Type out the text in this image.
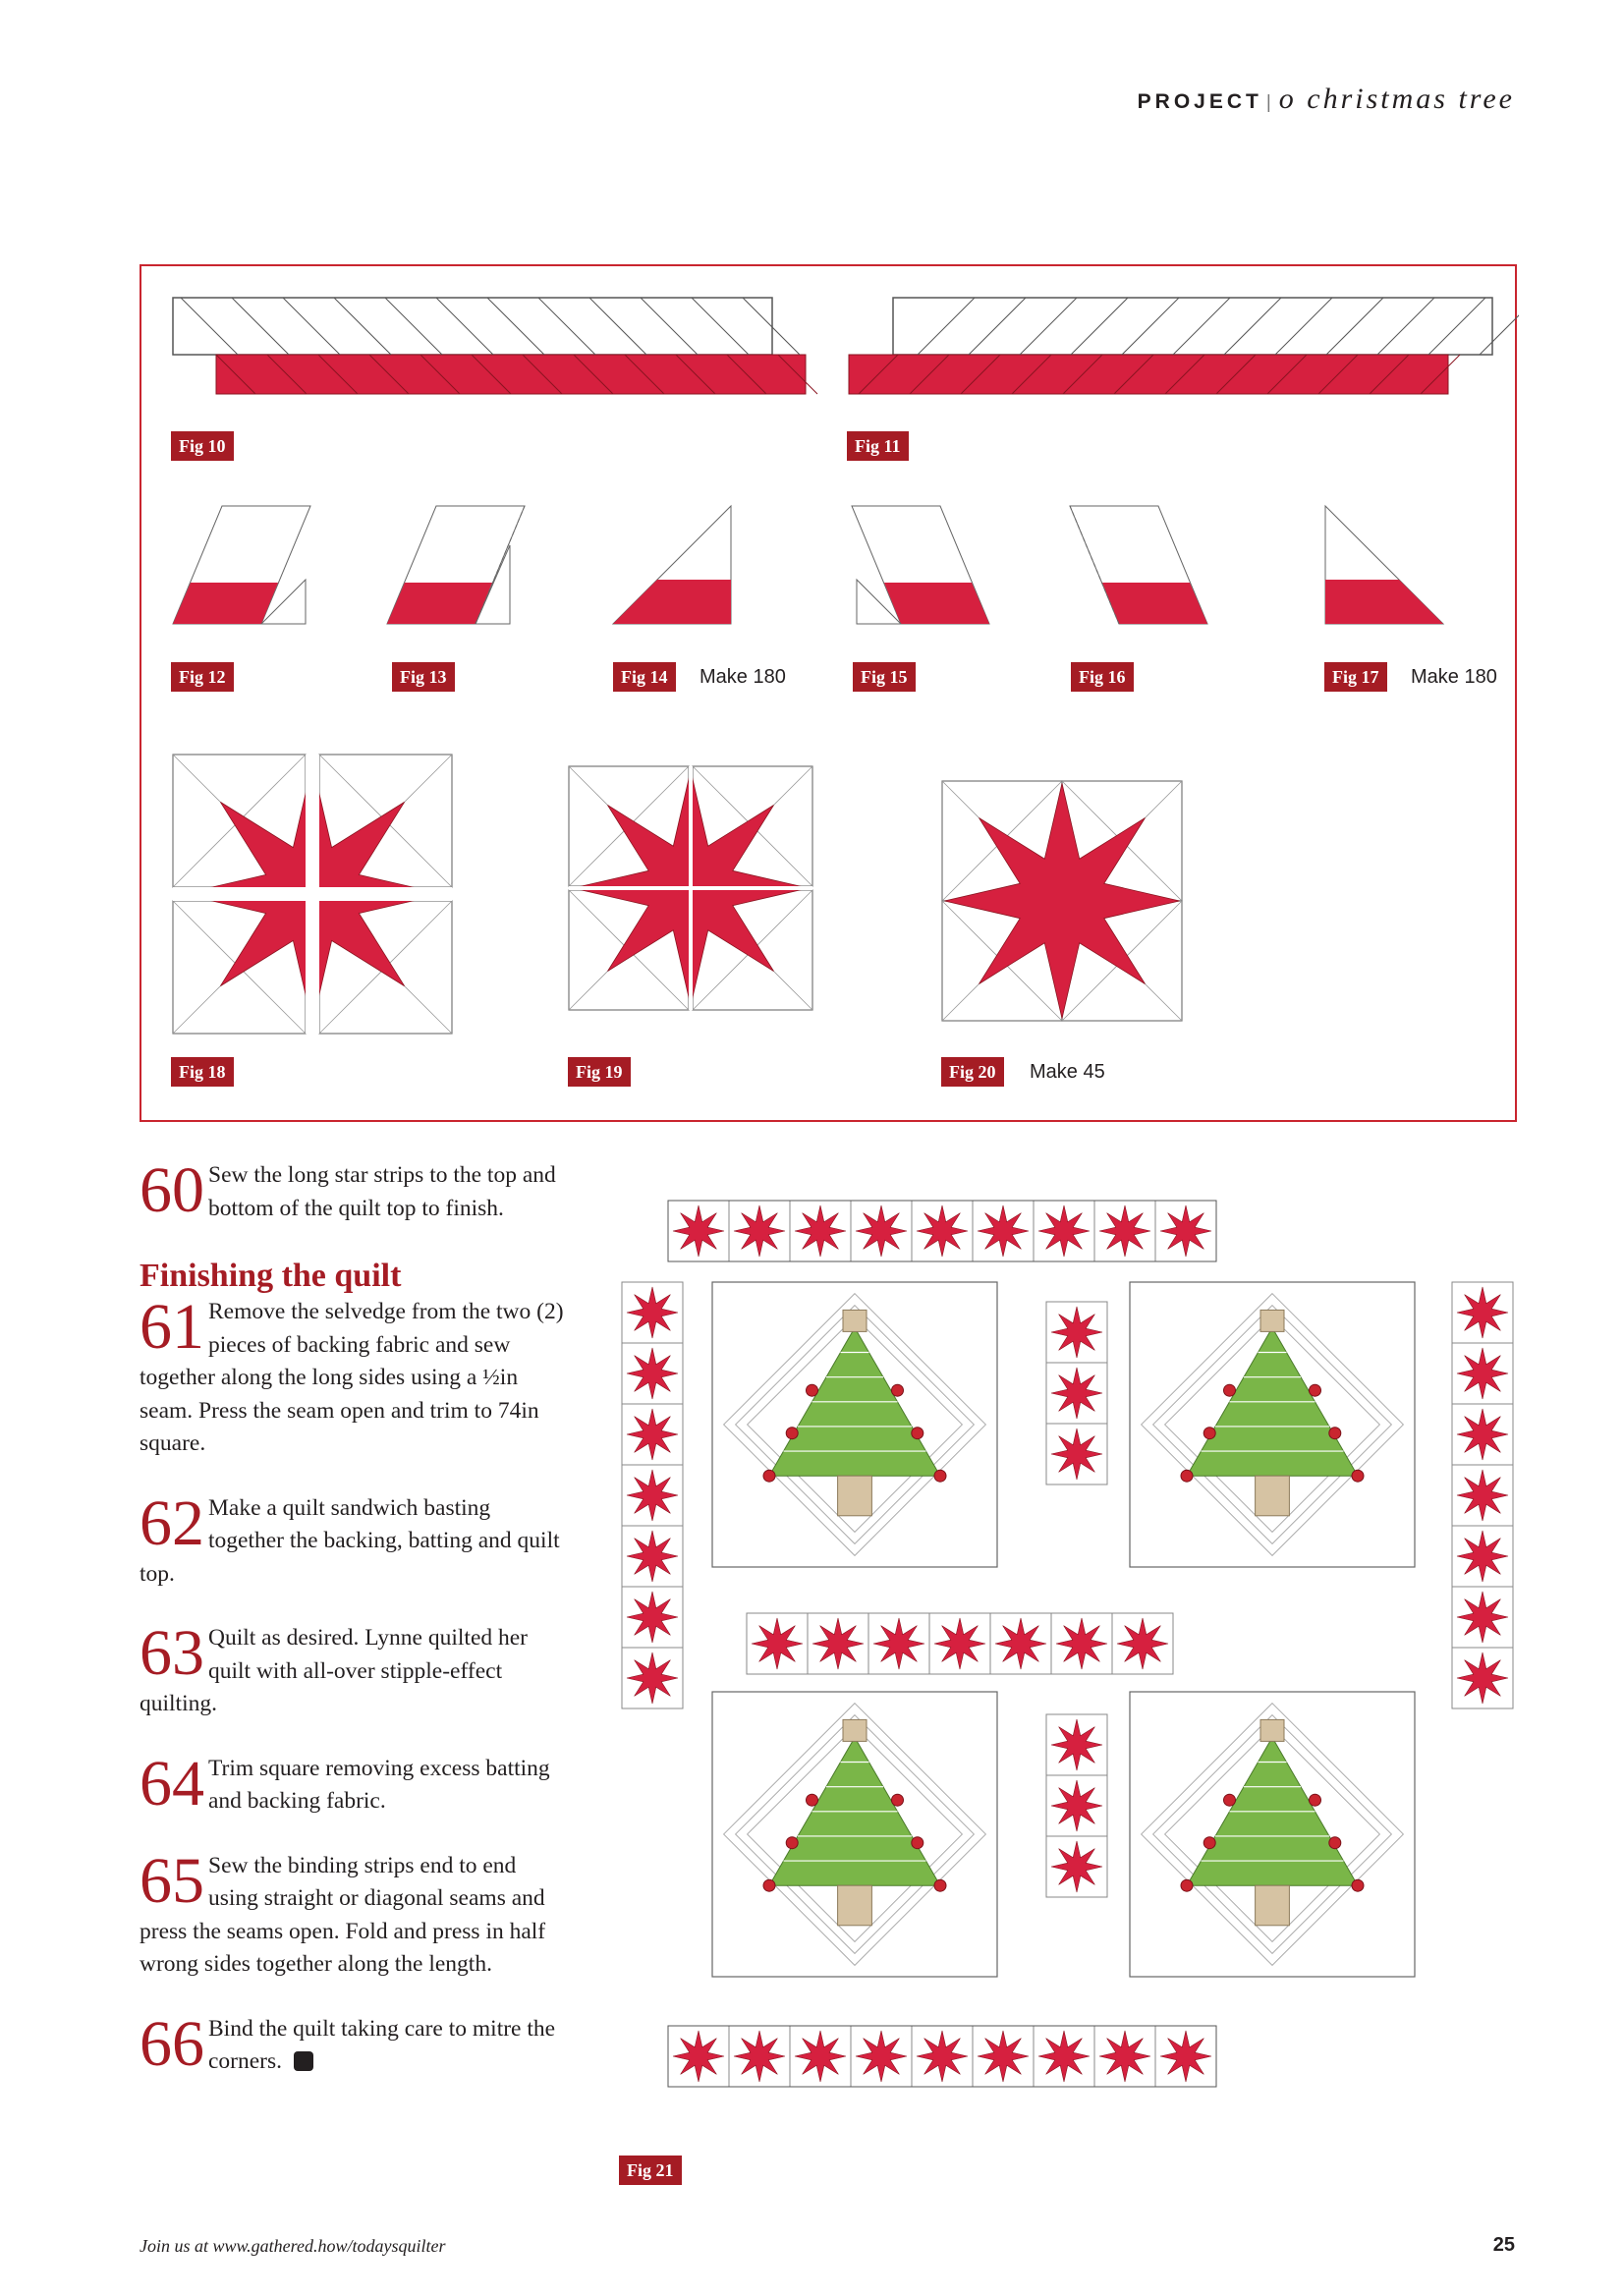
PROJECT | o christmas tree
Fig 10	Fig 11
Fig 12	Fig 13	Fig 14	Make 180	Fig 15	Fig 16	Fig 17	Make 180
Fig 18	Fig 19	Fig 20	Make 45
60 Sew the long star strips to the top and bottom of the quilt top to finish.
Finishing the quilt
61 Remove the selvedge from the two (2) pieces of backing fabric and sew together along the long sides using a ½in seam. Press the seam open and trim to 74in square.
62 Make a quilt sandwich basting together the backing, batting and quilt top.
63 Quilt as desired. Lynne quilted her quilt with all-over stipple-effect quilting.
64 Trim square removing excess batting and backing fabric.
65 Sew the binding strips end to end using straight or diagonal seams and press the seams open. Fold and press in half wrong sides together along the length.
66 Bind the quilt taking care to mitre the corners.
Fig 21
Join us at www.gathered.how/todaysquilter	25
